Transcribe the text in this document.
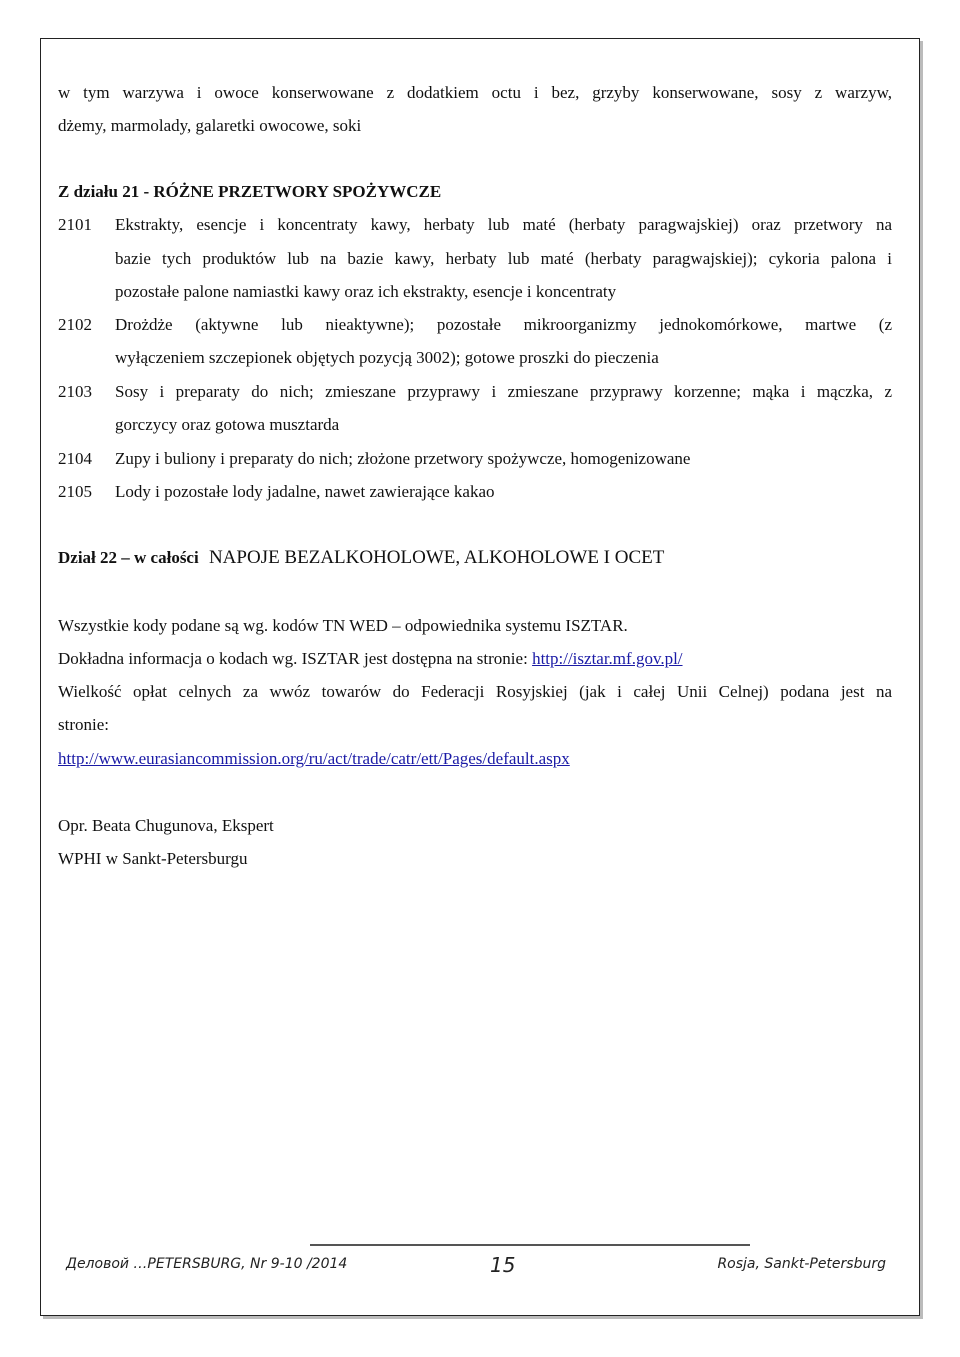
w tym warzywa i owoce konserwowane z dodatkiem octu i bez, grzyby konserwowane, sosy z warzyw,
dżemy, marmolady, galaretki owocowe, soki
Z działu 21 - RÓŻNE PRZETWORY SPOŻYWCZE
2101 Ekstrakty, esencje i koncentraty kawy, herbaty lub maté (herbaty paragwajskiej) oraz przetwory na
bazie tych produktów lub na bazie kawy, herbaty lub maté (herbaty paragwajskiej); cykoria palona i
pozostałe palone namiastki kawy oraz ich ekstrakty, esencje i koncentraty
2102 Drożdże (aktywne lub nieaktywne); pozostałe mikroorganizmy jednokomórkowe, martwe (z
wyłączeniem szczepionek objętych pozycją 3002); gotowe proszki do pieczenia
2103 Sosy i preparaty do nich; zmieszane przyprawy i zmieszane przyprawy korzenne; mąka i mączka, z
gorczycy oraz gotowa musztarda
2104 Zupy i buliony i preparaty do nich; złożone przetwory spożywcze, homogenizowane
2105 Lody i pozostałe lody jadalne, nawet zawierające kakao
Dział 22 – w całości NAPOJE BEZALKOHOLOWE, ALKOHOLOWE I OCET
Wszystkie kody podane są wg. kodów TN WED – odpowiednika systemu ISZTAR.
Dokładna informacja o kodach wg. ISZTAR jest dostępna na stronie: http://isztar.mf.gov.pl/
Wielkość opłat celnych za wwóz towarów do Federacji Rosyjskiej (jak i całej Unii Celnej) podana jest na
stronie:
http://www.eurasiancommission.org/ru/act/trade/catr/ett/Pages/default.aspx
Opr. Beata Chugunova, Ekspert
WPHI w Sankt-Petersburgu
Деловой …PETERSBURG, Nr 9-10 /2014	15	Rosja, Sankt-Petersburg
